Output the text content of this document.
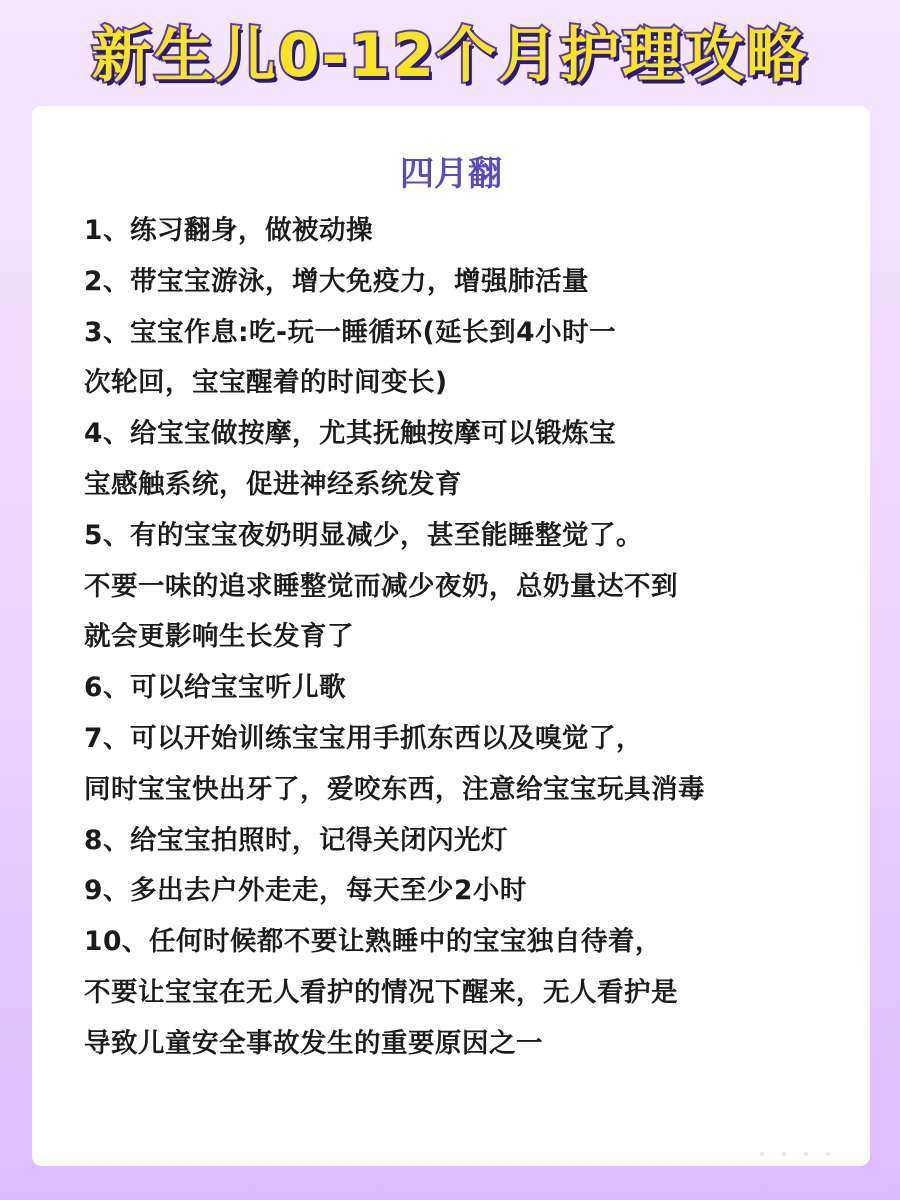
新生儿0-12个月护理攻略
四月翻
1、练习翻身，做被动操
2、带宝宝游泳，增大免疫力，增强肺活量
3、宝宝作息:吃-玩一睡循环(延长到4小时一
次轮回，宝宝醒着的时间变长)
4、给宝宝做按摩，尤其抚触按摩可以锻炼宝
宝感触系统，促进神经系统发育
5、有的宝宝夜奶明显减少，甚至能睡整觉了。
不要一味的追求睡整觉而减少夜奶，总奶量达不到
就会更影响生长发育了
6、可以给宝宝听儿歌
7、可以开始训练宝宝用手抓东西以及嗅觉了，
同时宝宝快出牙了，爱咬东西，注意给宝宝玩具消毒
8、给宝宝拍照时，记得关闭闪光灯
9、多出去户外走走，每天至少2小时
10、任何时候都不要让熟睡中的宝宝独自待着，
不要让宝宝在无人看护的情况下醒来，无人看护是
导致儿童安全事故发生的重要原因之一
